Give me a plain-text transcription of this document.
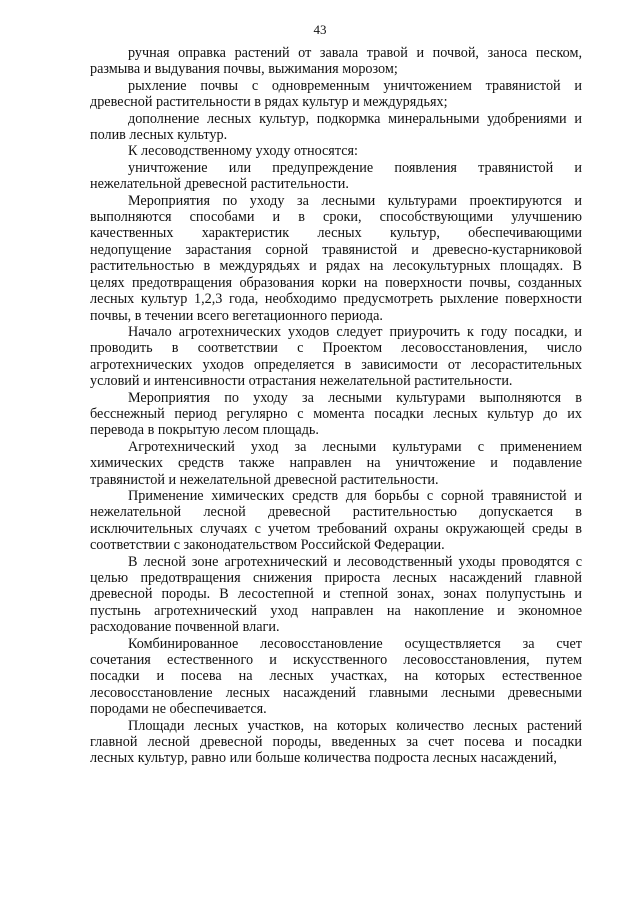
43
ручная оправка растений от завала травой и почвой, заноса песком,
размыва и выдувания почвы, выжимания морозом;
рыхление почвы с одновременным уничтожением травянистой и
древесной растительности в рядах культур и междурядьях;
дополнение лесных культур, подкормка минеральными удобрениями и
полив лесных культур.
К лесоводственному уходу относятся:
уничтожение или предупреждение появления травянистой и
нежелательной древесной растительности.
Мероприятия по уходу за лесными культурами проектируются и
выполняются способами и в сроки, способствующими улучшению
качественных характеристик лесных культур, обеспечивающими
недопущение зарастания сорной травянистой и древесно-кустарниковой
растительностью в междурядьях и рядах на лесокультурных площадях. В
целях предотвращения образования корки на поверхности почвы, созданных
лесных культур 1,2,3 года, необходимо предусмотреть рыхление поверхности
почвы, в течении всего вегетационного периода.
Начало агротехнических уходов следует приурочить к году посадки, и
проводить в соответствии с Проектом лесовосстановления, число
агротехнических уходов определяется в зависимости от лесорастительных
условий и интенсивности отрастания нежелательной растительности.
Мероприятия по уходу за лесными культурами выполняются в
бесснежный период регулярно с момента посадки лесных культур до их
перевода в покрытую лесом площадь.
Агротехнический уход за лесными культурами с применением
химических средств также направлен на уничтожение и подавление
травянистой и нежелательной древесной растительности.
Применение химических средств для борьбы с сорной травянистой и
нежелательной лесной древесной растительностью допускается в
исключительных случаях с учетом требований охраны окружающей среды в
соответствии с законодательством Российской Федерации.
В лесной зоне агротехнический и лесоводственный уходы проводятся с
целью предотвращения снижения прироста лесных насаждений главной
древесной породы. В лесостепной и степной зонах, зонах полупустынь и
пустынь агротехнический уход направлен на накопление и экономное
расходование почвенной влаги.
Комбинированное лесовосстановление осуществляется за счет
сочетания естественного и искусственного лесовосстановления, путем
посадки и посева на лесных участках, на которых естественное
лесовосстановление лесных насаждений главными лесными древесными
породами не обеспечивается.
Площади лесных участков, на которых количество лесных растений
главной лесной древесной породы, введенных за счет посева и посадки
лесных культур, равно или больше количества подроста лесных насаждений,
